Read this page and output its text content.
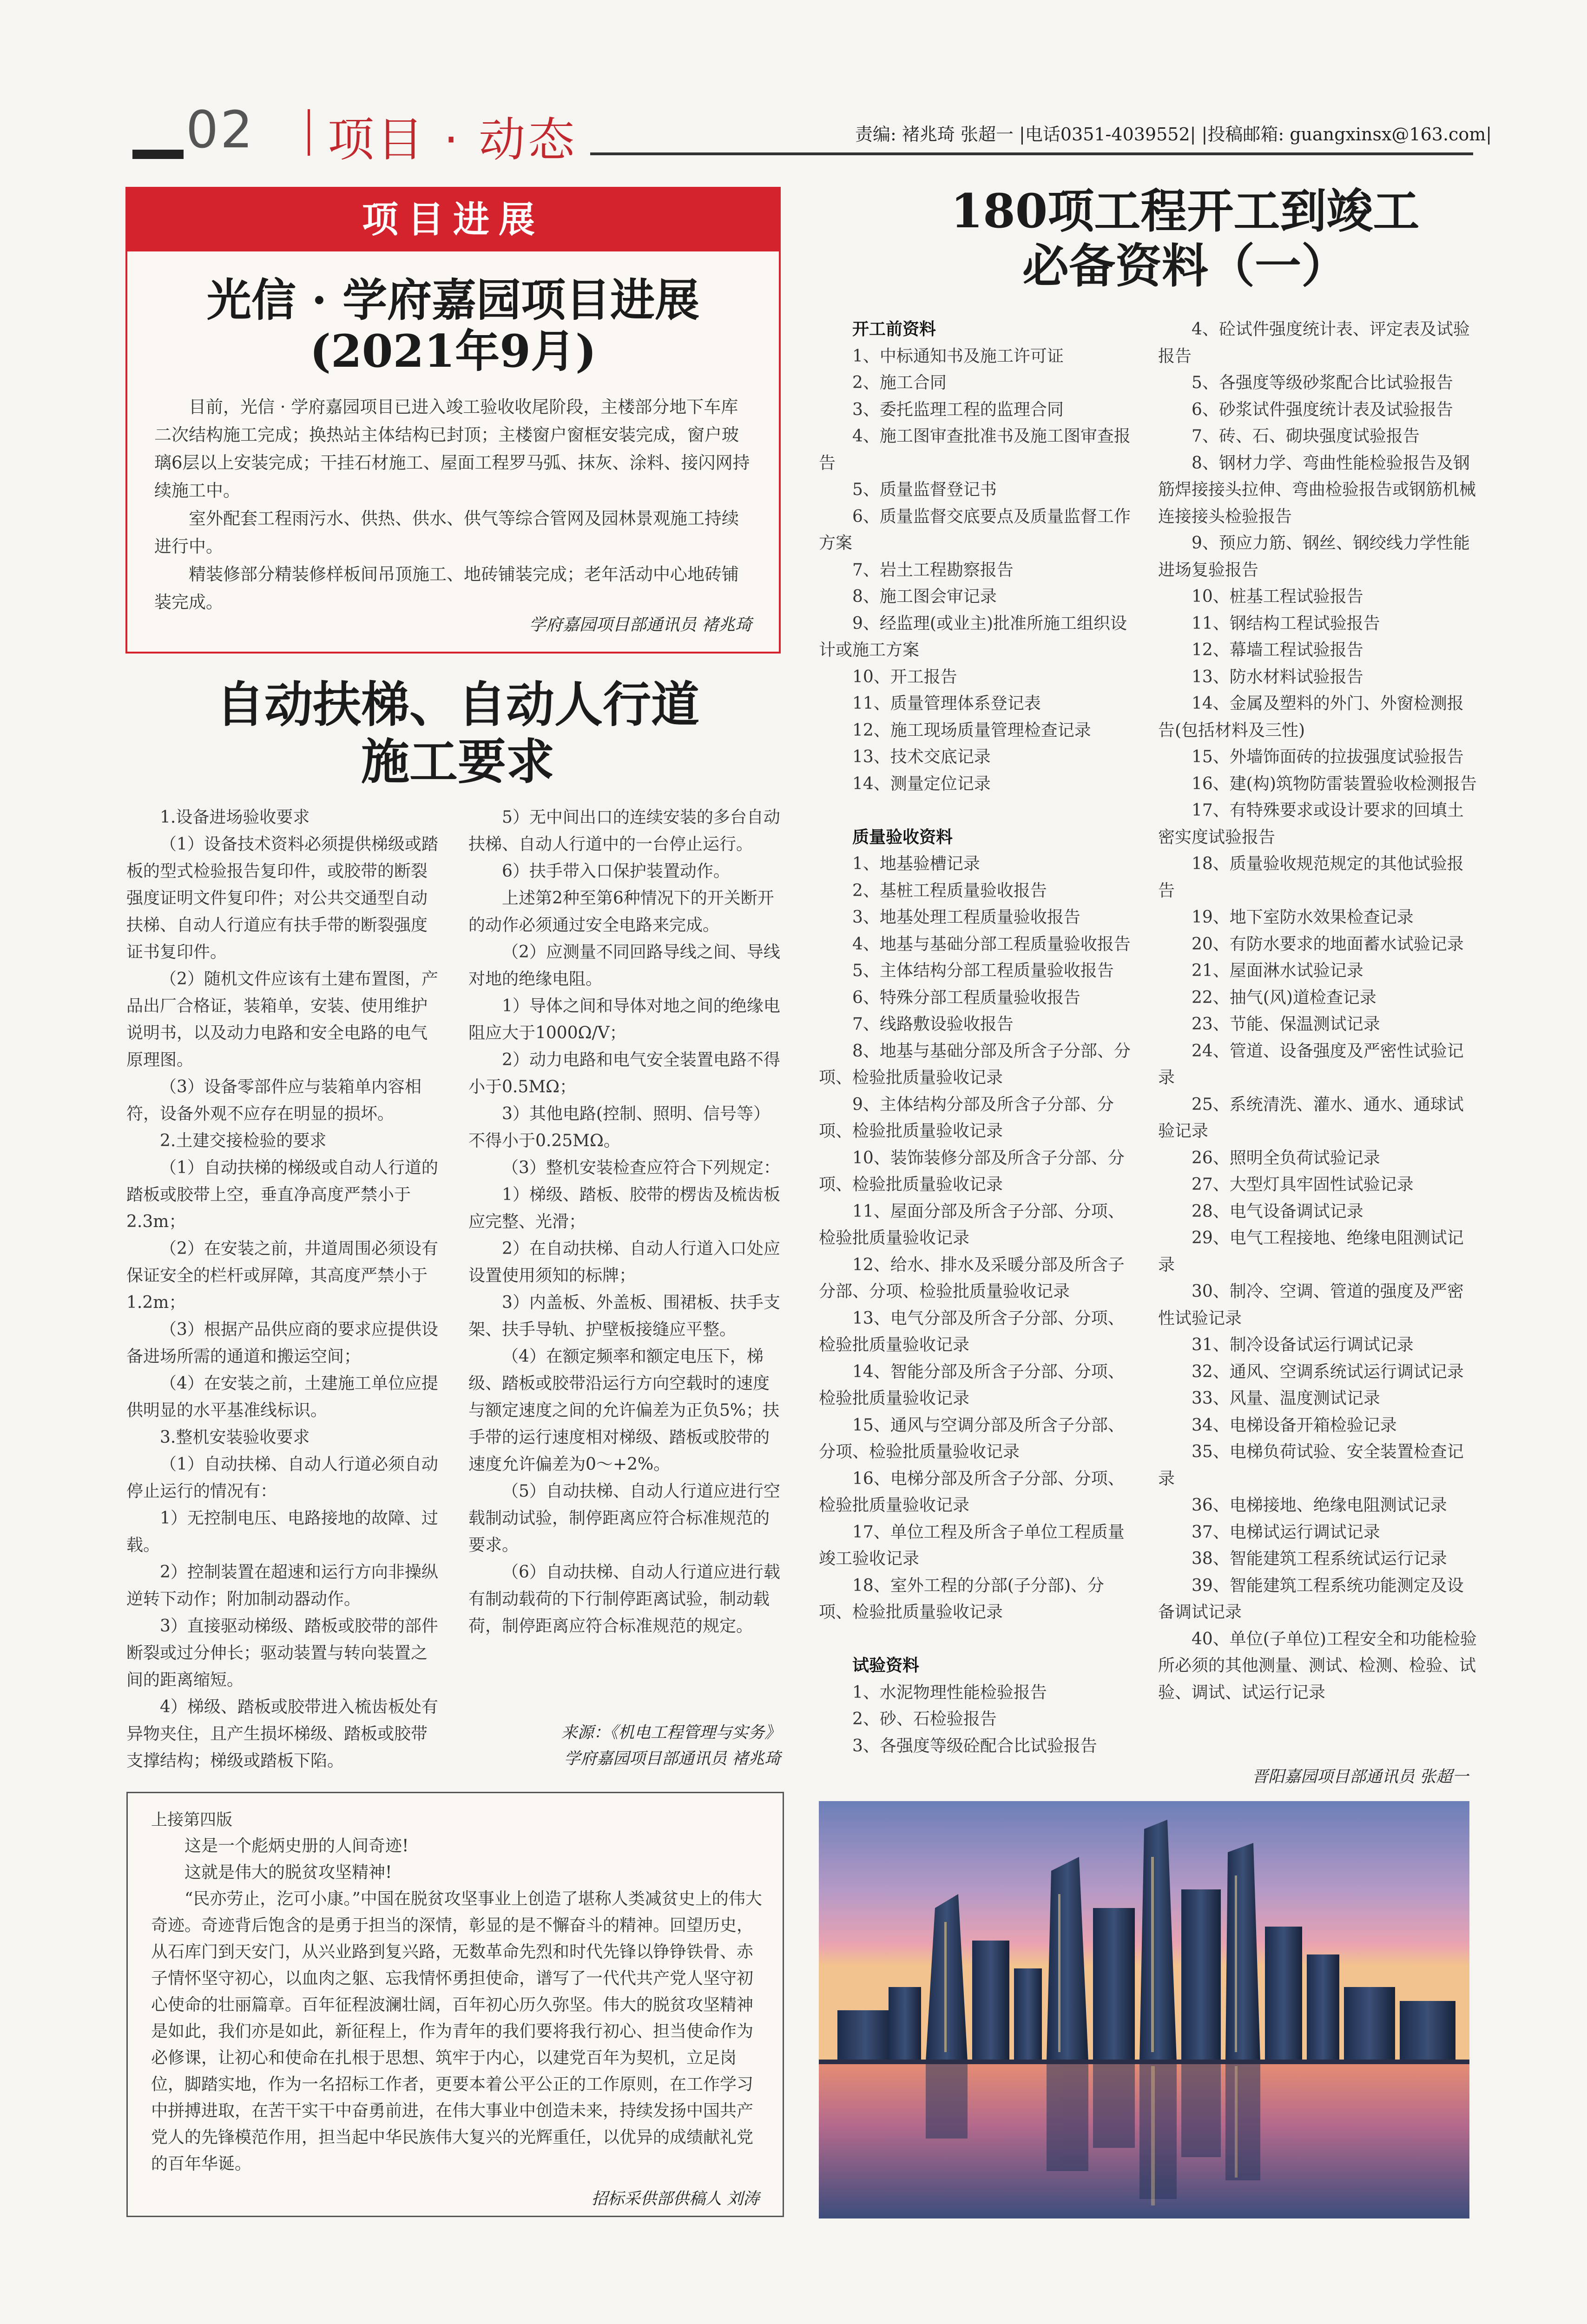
02 项目 · 动态	责编: 褚兆琦 张超一 |电话0351-4039552| |投稿邮箱: guangxinsx@163.com|
项目进展
光信 · 学府嘉园项目进展
(2021年9月)

目前，光信 · 学府嘉园项目已进入竣工验收收尾阶段，主楼部分地下车库二次结构施工完成；换热站主体结构已封顶；主楼窗户窗框安装完成，窗户玻璃6层以上安装完成；干挂石材施工、屋面工程罗马弧、抹灰、涂料、接闪网持续施工中。

室外配套工程雨污水、供热、供水、供气等综合管网及园林景观施工持续进行中。

精装修部分精装修样板间吊顶施工、地砖铺装完成；老年活动中心地砖铺装完成。

学府嘉园项目部通讯员 褚兆琦
自动扶梯、自动人行道
施工要求

1.设备进场验收要求

（1）设备技术资料必须提供梯级或踏板的型式检验报告复印件，或胶带的断裂强度证明文件复印件；对公共交通型自动扶梯、自动人行道应有扶手带的断裂强度证书复印件。

（2）随机文件应该有土建布置图，产品出厂合格证，装箱单，安装、使用维护说明书，以及动力电路和安全电路的电气原理图。

（3）设备零部件应与装箱单内容相符，设备外观不应存在明显的损坏。

2.土建交接检验的要求

（1）自动扶梯的梯级或自动人行道的踏板或胶带上空，垂直净高度严禁小于2.3m；

（2）在安装之前，井道周围必须设有保证安全的栏杆或屏障，其高度严禁小于1.2m；

（3）根据产品供应商的要求应提供设备进场所需的通道和搬运空间；

（4）在安装之前，土建施工单位应提供明显的水平基准线标识。

3.整机安装验收要求

（1）自动扶梯、自动人行道必须自动停止运行的情况有：

1）无控制电压、电路接地的故障、过载。

2）控制装置在超速和运行方向非操纵逆转下动作；附加制动器动作。

3）直接驱动梯级、踏板或胶带的部件断裂或过分伸长；驱动装置与转向装置之间的距离缩短。

4）梯级、踏板或胶带进入梳齿板处有异物夹住，且产生损坏梯级、踏板或胶带支撑结构；梯级或踏板下陷。

5）无中间出口的连续安装的多台自动扶梯、自动人行道中的一台停止运行。

6）扶手带入口保护装置动作。

上述第2种至第6种情况下的开关断开的动作必须通过安全电路来完成。

（2）应测量不同回路导线之间、导线对地的绝缘电阻。

1）导体之间和导体对地之间的绝缘电阻应大于1000Ω/V；

2）动力电路和电气安全装置电路不得小于0.5MΩ；

3）其他电路(控制、照明、信号等）不得小于0.25MΩ。

（3）整机安装检查应符合下列规定：

1）梯级、踏板、胶带的楞齿及梳齿板应完整、光滑；

2）在自动扶梯、自动人行道入口处应设置使用须知的标牌；

3）内盖板、外盖板、围裙板、扶手支架、扶手导轨、护壁板接缝应平整。

（4）在额定频率和额定电压下，梯级、踏板或胶带沿运行方向空载时的速度与额定速度之间的允许偏差为正负5%；扶手带的运行速度相对梯级、踏板或胶带的速度允许偏差为0～+2%。

（5）自动扶梯、自动人行道应进行空载制动试验，制停距离应符合标准规范的要求。

（6）自动扶梯、自动人行道应进行载有制动载荷的下行制停距离试验，制动载荷，制停距离应符合标准规范的规定。

来源：《机电工程管理与实务》
学府嘉园项目部通讯员 褚兆琦
180项工程开工到竣工
必备资料（一）
开工前资料
1、中标通知书及施工许可证
2、施工合同
3、委托监理工程的监理合同
4、施工图审查批准书及施工图审查报告
5、质量监督登记书
6、质量监督交底要点及质量监督工作方案
7、岩土工程勘察报告
8、施工图会审记录
9、经监理(或业主)批准所施工组织设计或施工方案
10、开工报告
11、质量管理体系登记表
12、施工现场质量管理检查记录
13、技术交底记录
14、测量定位记录
质量验收资料
1、地基验槽记录
2、基桩工程质量验收报告
3、地基处理工程质量验收报告
4、地基与基础分部工程质量验收报告
5、主体结构分部工程质量验收报告
6、特殊分部工程质量验收报告
7、线路敷设验收报告
8、地基与基础分部及所含子分部、分项、检验批质量验收记录
9、主体结构分部及所含子分部、分项、检验批质量验收记录
10、装饰装修分部及所含子分部、分项、检验批质量验收记录
11、屋面分部及所含子分部、分项、检验批质量验收记录
12、给水、排水及采暖分部及所含子分部、分项、检验批质量验收记录
13、电气分部及所含子分部、分项、检验批质量验收记录
14、智能分部及所含子分部、分项、检验批质量验收记录
15、通风与空调分部及所含子分部、分项、检验批质量验收记录
16、电梯分部及所含子分部、分项、检验批质量验收记录
17、单位工程及所含子单位工程质量竣工验收记录
18、室外工程的分部(子分部)、分项、检验批质量验收记录
试验资料
1、水泥物理性能检验报告
2、砂、石检验报告
3、各强度等级砼配合比试验报告
4、砼试件强度统计表、评定表及试验报告
5、各强度等级砂浆配合比试验报告
6、砂浆试件强度统计表及试验报告
7、砖、石、砌块强度试验报告
8、钢材力学、弯曲性能检验报告及钢筋焊接接头拉伸、弯曲检验报告或钢筋机械连接接头检验报告
9、预应力筋、钢丝、钢绞线力学性能进场复验报告
10、桩基工程试验报告
11、钢结构工程试验报告
12、幕墙工程试验报告
13、防水材料试验报告
14、金属及塑料的外门、外窗检测报告(包括材料及三性)
15、外墙饰面砖的拉拔强度试验报告
16、建(构)筑物防雷装置验收检测报告
17、有特殊要求或设计要求的回填土密实度试验报告
18、质量验收规范规定的其他试验报告
19、地下室防水效果检查记录
20、有防水要求的地面蓄水试验记录
21、屋面淋水试验记录
22、抽气(风)道检查记录
23、节能、保温测试记录
24、管道、设备强度及严密性试验记录
25、系统清洗、灌水、通水、通球试验记录
26、照明全负荷试验记录
27、大型灯具牢固性试验记录
28、电气设备调试记录
29、电气工程接地、绝缘电阻测试记录
30、制冷、空调、管道的强度及严密性试验记录
31、制冷设备试运行调试记录
32、通风、空调系统试运行调试记录
33、风量、温度测试记录
34、电梯设备开箱检验记录
35、电梯负荷试验、安全装置检查记录
36、电梯接地、绝缘电阻测试记录
37、电梯试运行调试记录
38、智能建筑工程系统试运行记录
39、智能建筑工程系统功能测定及设备调试记录
40、单位(子单位)工程安全和功能检验所必须的其他测量、测试、检测、检验、试验、调试、试运行记录
晋阳嘉园项目部通讯员 张超一
上接第四版

这是一个彪炳史册的人间奇迹!

这就是伟大的脱贫攻坚精神!

“民亦劳止，汔可小康。”中国在脱贫攻坚事业上创造了堪称人类减贫史上的伟大奇迹。奇迹背后饱含的是勇于担当的深情，彰显的是不懈奋斗的精神。回望历史，从石库门到天安门，从兴业路到复兴路，无数革命先烈和时代先锋以铮铮铁骨、赤子情怀坚守初心，以血肉之躯、忘我情怀勇担使命，谱写了一代代共产党人坚守初心使命的壮丽篇章。百年征程波澜壮阔，百年初心历久弥坚。伟大的脱贫攻坚精神是如此，我们亦是如此，新征程上，作为青年的我们要将我行初心、担当使命作为必修课，让初心和使命在扎根于思想、筑牢于内心，以建党百年为契机，立足岗位，脚踏实地，作为一名招标工作者，更要本着公平公正的工作原则，在工作学习中拼搏进取，在苦干实干中奋勇前进，在伟大事业中创造未来，持续发扬中国共产党人的先锋模范作用，担当起中华民族伟大复兴的光辉重任，以优异的成绩献礼党的百年华诞。

招标采供部供稿人 刘涛
